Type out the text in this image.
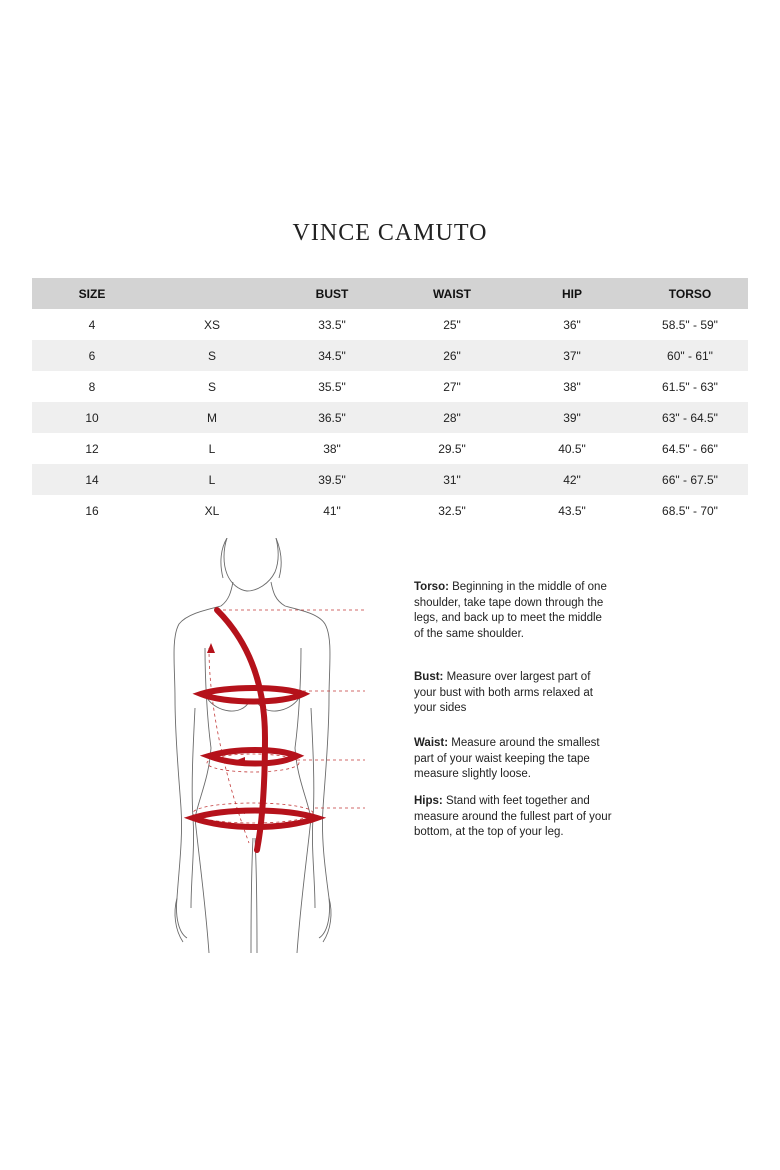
VINCE CAMUTO
SIZE		BUST	WAIST	HIP	TORSO
4	XS	33.5"	25"	36"	58.5" - 59"
6	S	34.5"	26"	37"	60" - 61"
8	S	35.5"	27"	38"	61.5" - 63"
10	M	36.5"	28"	39"	63" - 64.5"
12	L	38"	29.5"	40.5"	64.5" - 66"
14	L	39.5"	31"	42"	66" - 67.5"
16	XL	41"	32.5"	43.5"	68.5" - 70"

Torso: Beginning in the middle of one shoulder, take tape down through the legs, and back up to meet the middle of the same shoulder.

Bust: Measure over largest part of your bust with both arms relaxed at your sides

Waist: Measure around the smallest part of your waist keeping the tape measure slightly loose.

Hips: Stand with feet together and measure around the fullest part of your bottom, at the top of your leg.
